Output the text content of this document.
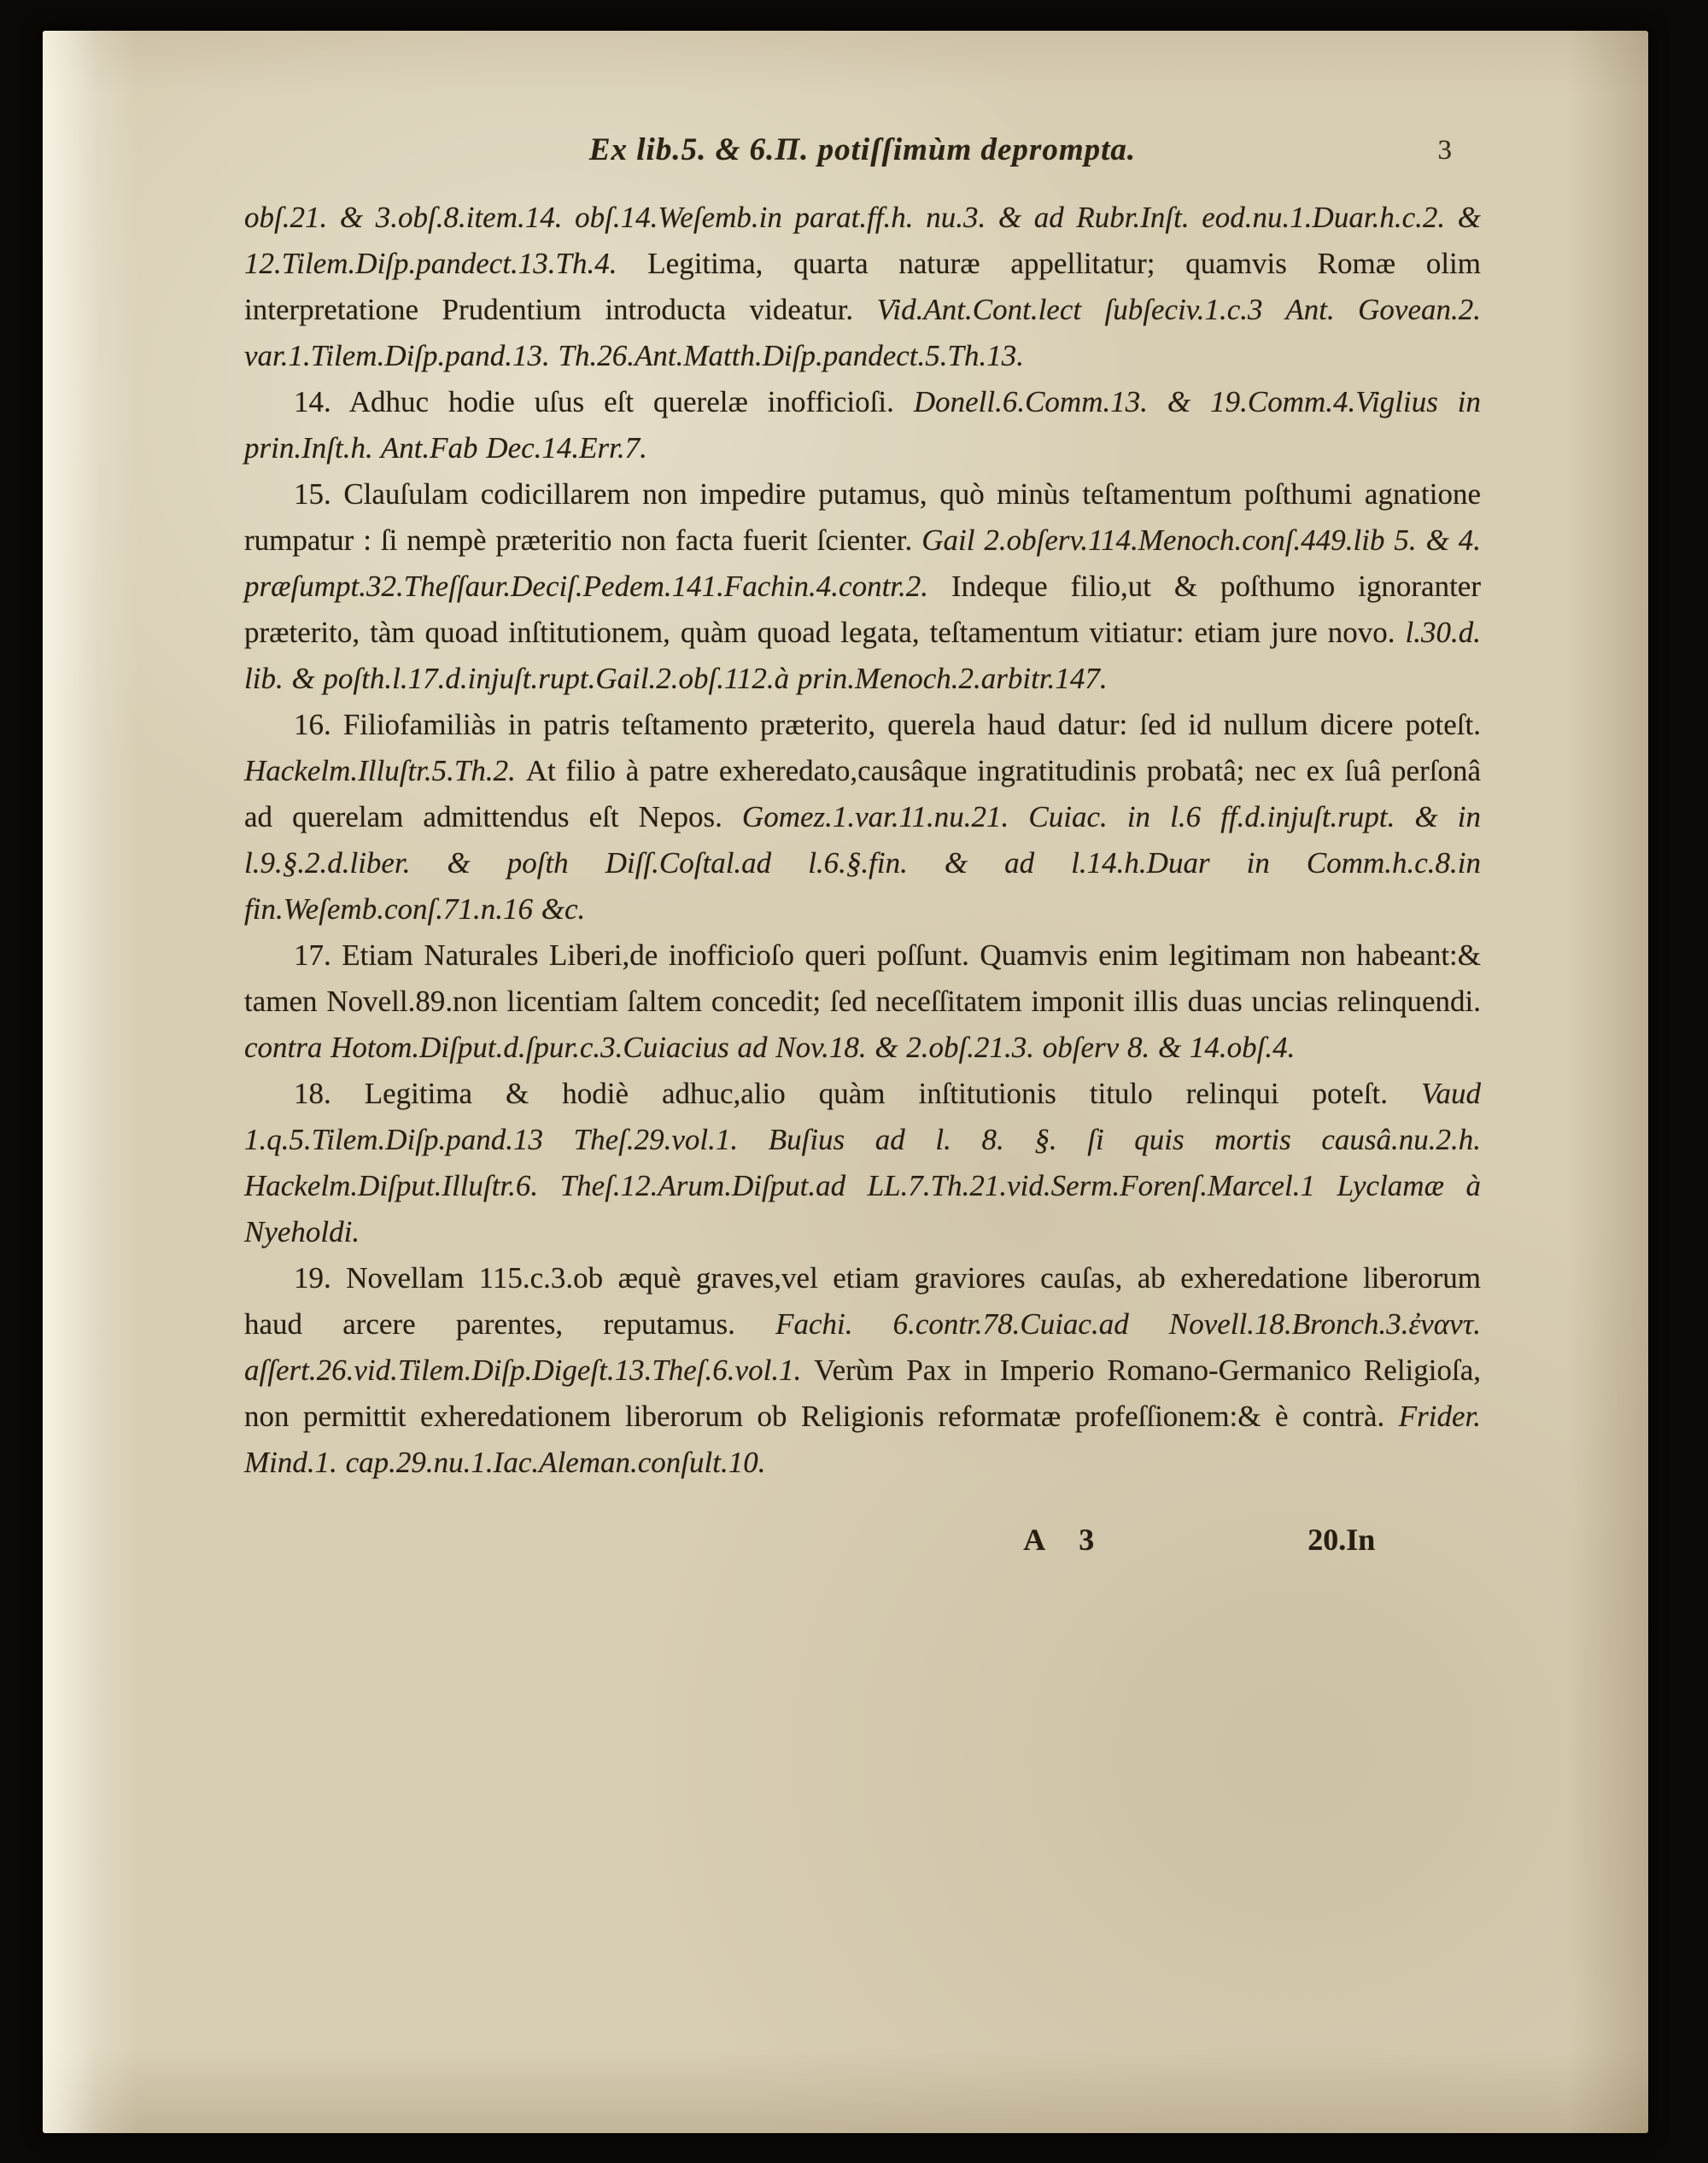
Ex lib.5. & 6.Π. potiſſimùm deprompta.	3

obſ.21. & 3.obſ.8.item.14. obſ.14.Weſemb.in parat.ff.h. nu.3. & ad Rubr.Inſt. eod.nu.1.Duar.h.c.2. & 12.Tilem.Diſp.pandect.13.Th.4. Legitima, quarta naturæ appellitatur; quamvis Romæ olim interpretatione Prudentium introducta videatur. Vid.Ant.Cont.lect ſubſeciv.1.c.3 Ant. Govean.2. var.1.Tilem.Diſp.pand.13. Th.26.Ant.Matth.Diſp.pandect.5.Th.13.

14. Adhuc hodie uſus eſt querelæ inofficioſi. Donell.6.Comm.13. & 19.Comm.4.Viglius in prin.Inſt.h. Ant.Fab Dec.14.Err.7.

15. Clauſulam codicillarem non impedire putamus, quò minùs teſtamentum poſthumi agnatione rumpatur : ſi nempè præteritio non facta fuerit ſcienter. Gail 2.obſerv.114.Menoch.conſ.449.lib 5. & 4. præſumpt.32.Theſſaur.Deciſ.Pedem.141.Fachin.4.contr.2. Indeque filio,ut & poſthumo ignoranter præterito, tàm quoad inſtitutionem, quàm quoad legata, teſtamentum vitiatur: etiam jure novo. l.30.d. lib. & poſth.l.17.d.injuſt.rupt.Gail.2.obſ.112.à prin.Menoch.2.arbitr.147.

16. Filiofamiliàs in patris teſtamento præterito, querela haud datur: ſed id nullum dicere poteſt. Hackelm.Illuſtr.5.Th.2. At filio à patre exheredato,causâque ingratitudinis probatâ; nec ex ſuâ perſonâ ad querelam admittendus eſt Nepos. Gomez.1.var.11.nu.21. Cuiac. in l.6 ff.d.injuſt.rupt. & in l.9.§.2.d.liber. & poſth Diſſ.Coſtal.ad l.6.§.fin. & ad l.14.h.Duar in Comm.h.c.8.in fin.Weſemb.conſ.71.n.16 &c.

17. Etiam Naturales Liberi,de inofficioſo queri poſſunt. Quamvis enim legitimam non habeant:& tamen Novell.89.non licentiam ſaltem concedit; ſed neceſſitatem imponit illis duas uncias relinquendi. contra Hotom.Diſput.d.ſpur.c.3.Cuiacius ad Nov.18. & 2.obſ.21.3. obſerv 8. & 14.obſ.4.

18. Legitima & hodiè adhuc,alio quàm inſtitutionis titulo relinqui poteſt. Vaud 1.q.5.Tilem.Diſp.pand.13 Theſ.29.vol.1. Buſius ad l. 8. §. ſi quis mortis causâ.nu.2.h. Hackelm.Diſput.Illuſtr.6. Theſ.12.Arum.Diſput.ad LL.7.Th.21.vid.Serm.Forenſ.Marcel.1 Lyclamæ à Nyeholdi.

19. Novellam 115.c.3.ob æquè graves,vel etiam graviores cauſas, ab exheredatione liberorum haud arcere parentes, reputamus. Fachi. 6.contr.78.Cuiac.ad Novell.18.Bronch.3.ἐναντ. aſſert.26.vid.Tilem.Diſp.Digeſt.13.Theſ.6.vol.1. Verùm Pax in Imperio Romano-Germanico Religioſa, non permittit exheredationem liberorum ob Religionis reformatæ profeſſionem:& è contrà. Frider. Mind.1. cap.29.nu.1.Iac.Aleman.conſult.10.

A 3	20.In
